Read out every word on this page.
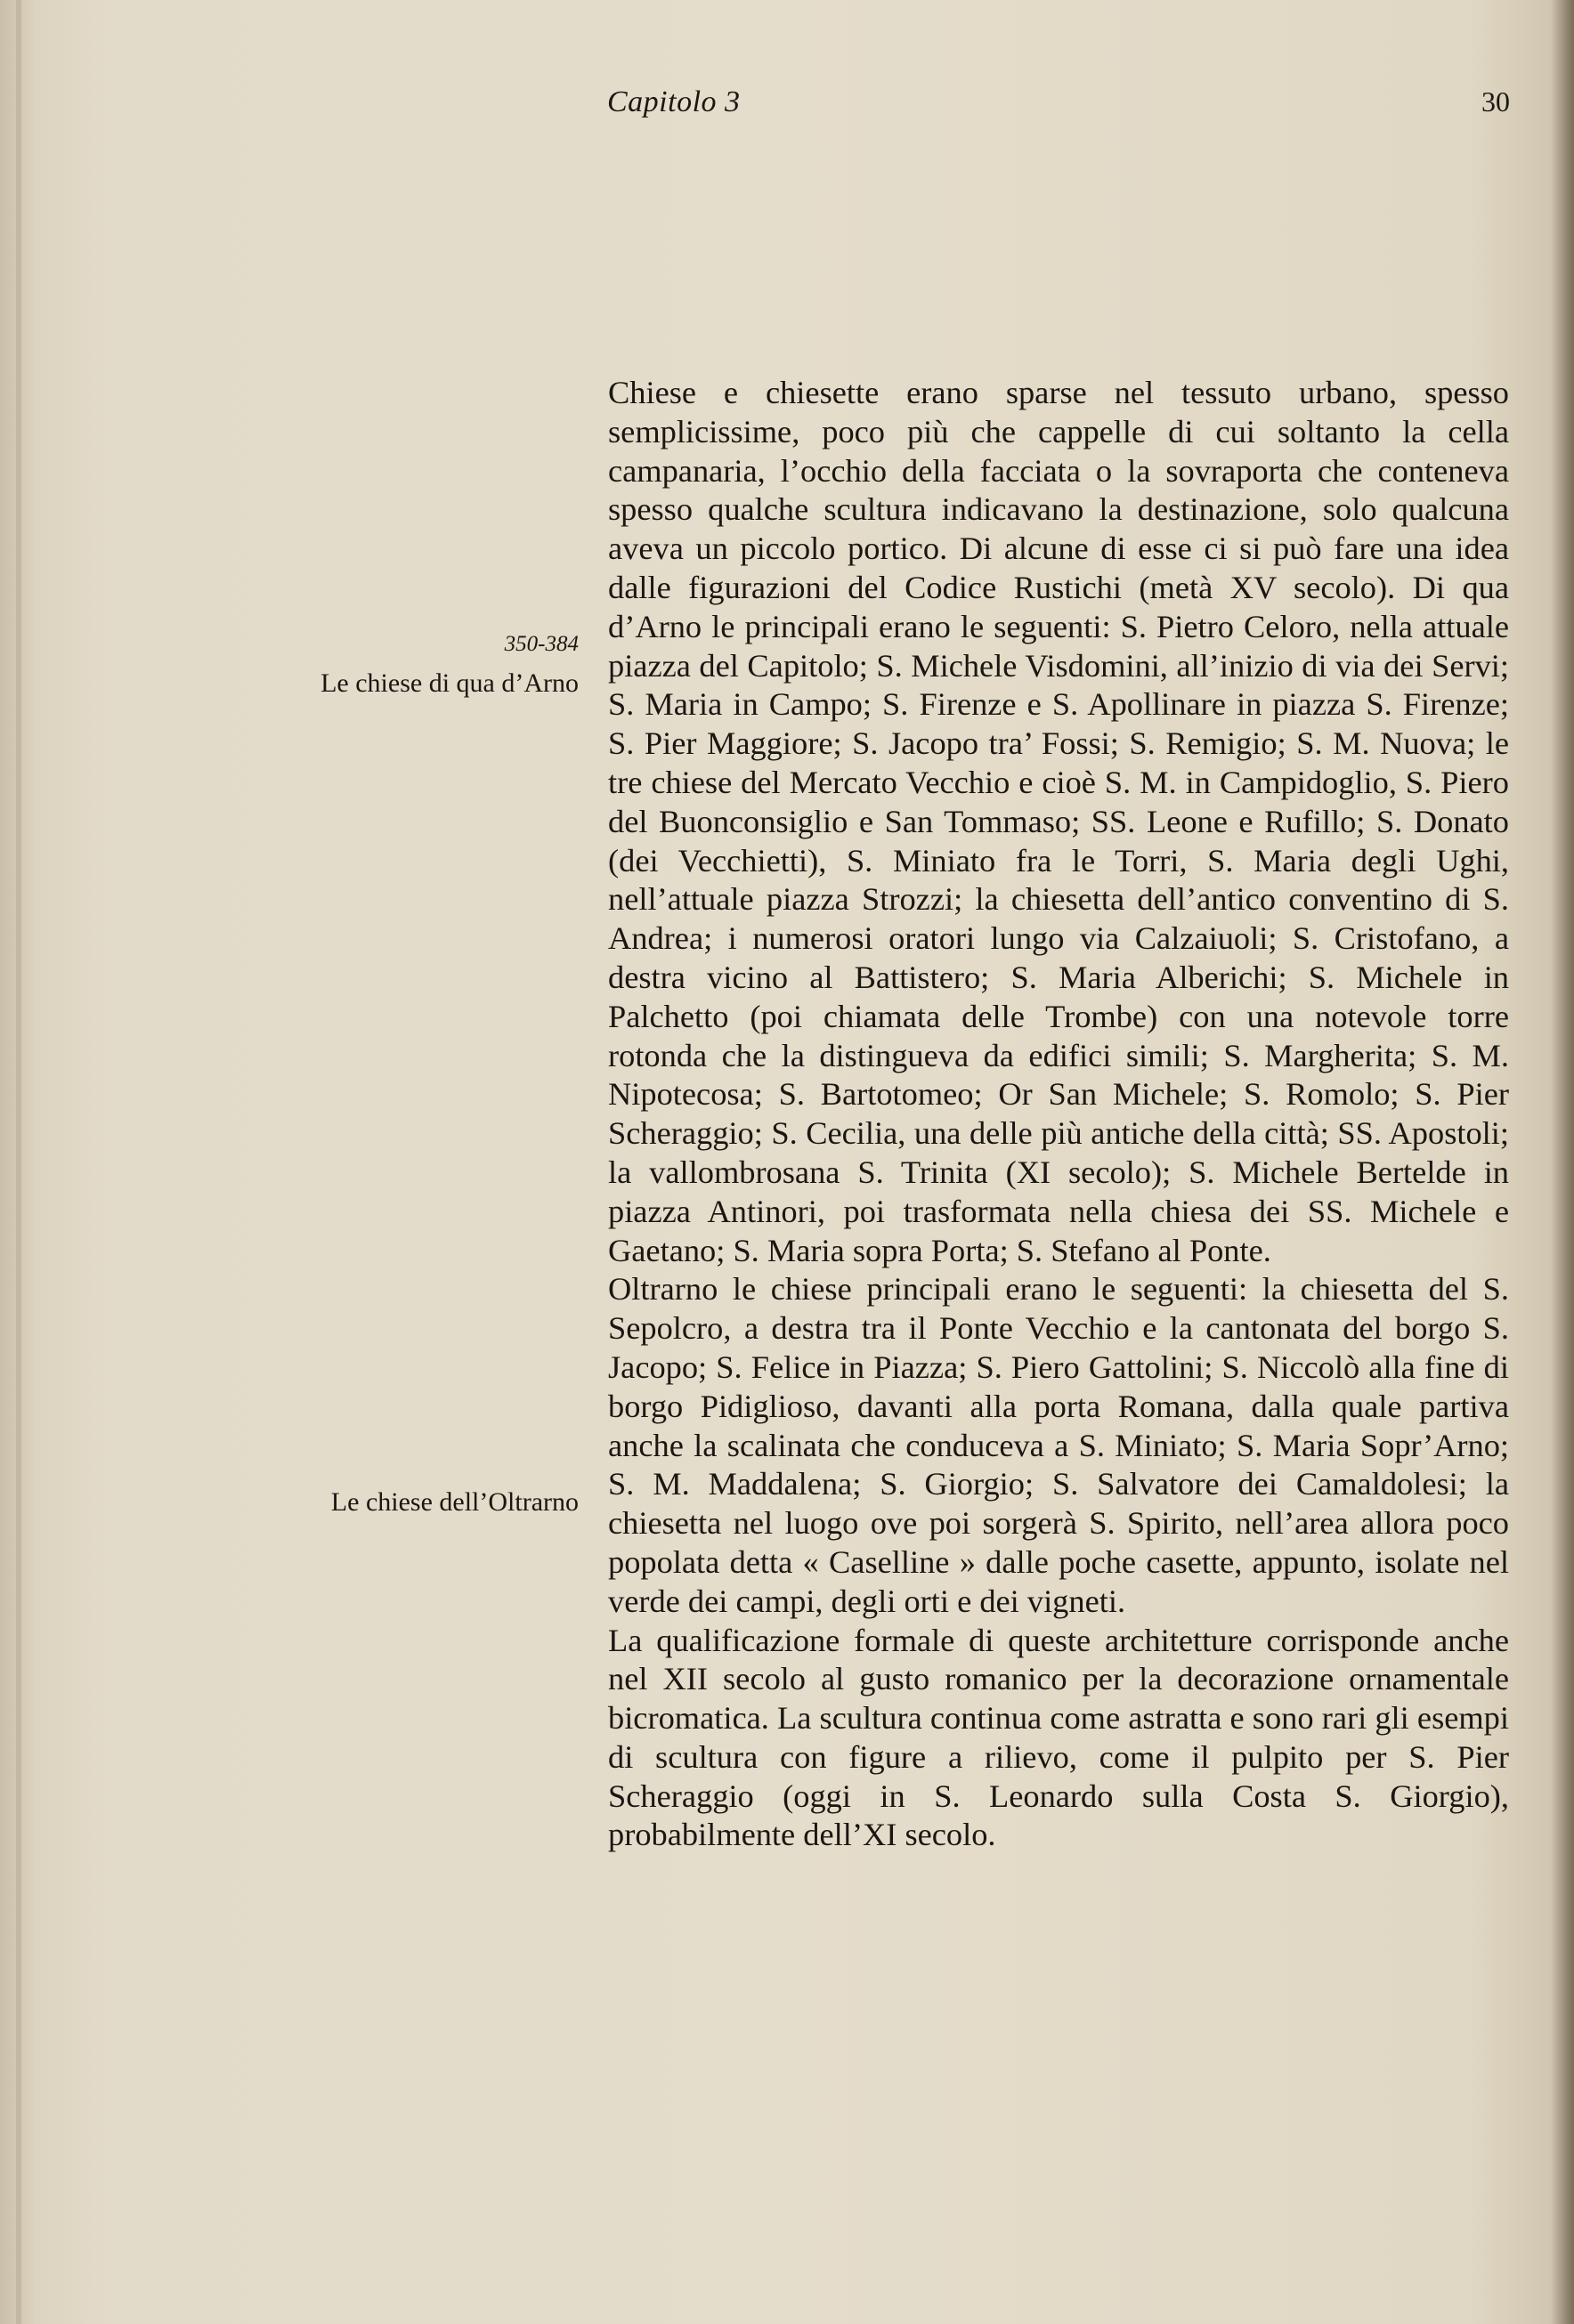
Capitolo 3	30
350-384
Le chiese di qua d’Arno
Le chiese dell’Oltrarno

Chiese e chiesette erano sparse nel tessuto urbano, spesso semplicissime, poco più che cappelle di cui soltanto la cella campanaria, l’occhio della facciata o la sovraporta che conteneva spesso qualche scultura indicavano la destinazione, solo qualcuna aveva un piccolo portico. Di alcune di esse ci si può fare una idea dalle figurazioni del Codice Rustichi (metà XV secolo). Di qua d’Arno le principali erano le seguenti: S. Pietro Celoro, nella attuale piazza del Capitolo; S. Michele Visdomini, all’inizio di via dei Servi; S. Maria in Campo; S. Firenze e S. Apollinare in piazza S. Firenze; S. Pier Maggiore; S. Jacopo tra’ Fossi; S. Remigio; S. M. Nuova; le tre chiese del Mercato Vecchio e cioè S. M. in Campidoglio, S. Piero del Buonconsiglio e San Tommaso; SS. Leone e Rufillo; S. Donato (dei Vecchietti), S. Miniato fra le Torri, S. Maria degli Ughi, nell’attuale piazza Strozzi; la chiesetta dell’antico conventino di S. Andrea; i numerosi oratori lungo via Calzaiuoli; S. Cristofano, a destra vicino al Battistero; S. Maria Alberichi; S. Michele in Palchetto (poi chiamata delle Trombe) con una notevole torre rotonda che la distingueva da edifici simili; S. Margherita; S. M. Nipotecosa; S. Bartotomeo; Or San Michele; S. Romolo; S. Pier Scheraggio; S. Cecilia, una delle più antiche della città; SS. Apostoli; la vallombrosana S. Trinita (XI secolo); S. Michele Bertelde in piazza Antinori, poi trasformata nella chiesa dei SS. Michele e Gaetano; S. Maria sopra Porta; S. Stefano al Ponte.

Oltrarno le chiese principali erano le seguenti: la chiesetta del S. Sepolcro, a destra tra il Ponte Vecchio e la cantonata del borgo S. Jacopo; S. Felice in Piazza; S. Piero Gattolini; S. Niccolò alla fine di borgo Pidiglioso, davanti alla porta Romana, dalla quale partiva anche la scalinata che conduceva a S. Miniato; S. Maria Sopr’Arno; S. M. Maddalena; S. Giorgio; S. Salvatore dei Camaldolesi; la chiesetta nel luogo ove poi sorgerà S. Spirito, nell’area allora poco popolata detta « Caselline » dalle poche casette, appunto, isolate nel verde dei campi, degli orti e dei vigneti.

La qualificazione formale di queste architetture corrisponde anche nel XII secolo al gusto romanico per la decorazione ornamentale bicromatica. La scultura continua come astratta e sono rari gli esempi di scultura con figure a rilievo, come il pulpito per S. Pier Scheraggio (oggi in S. Leonardo sulla Costa S. Giorgio), probabilmente dell’XI secolo.
